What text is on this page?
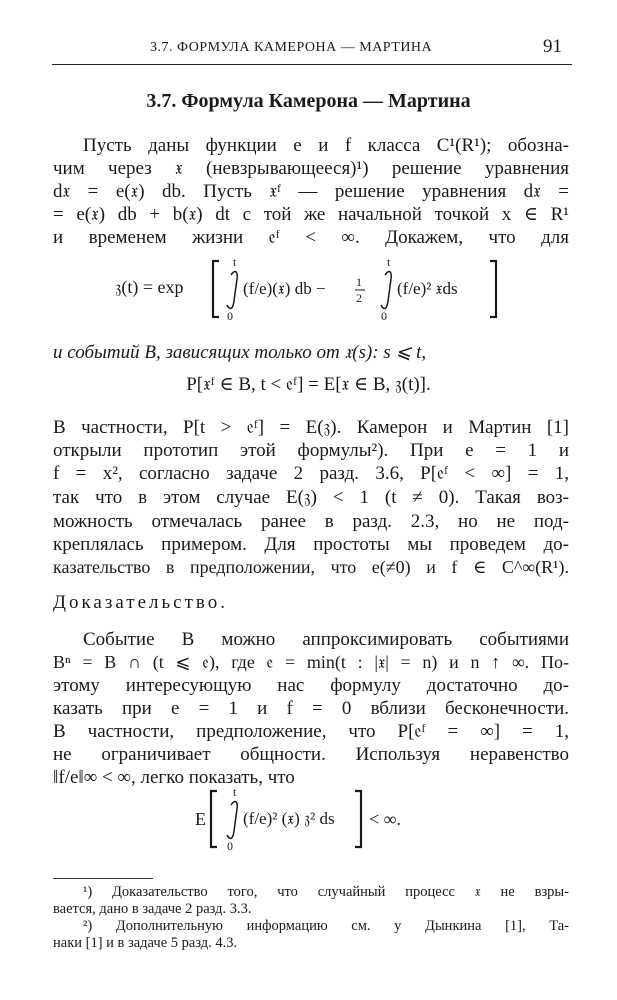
3.7. ФОРМУЛА КАМЕРОНА — МАРТИНА	91
3.7. Формула Камерона — Мартина
Пусть даны функции e и f класса C¹(R¹); обозна-
чим через 𝔵 (невзрывающееся)¹) решение уравнения
d𝔵 = e(𝔵) db. Пусть 𝔵ᶠ — решение уравнения d𝔵 =
= e(𝔵) db + b(𝔵) dt с той же начальной точкой x ∈ R¹
и временем жизни 𝔢ᶠ < ∞. Докажем, что для
𝔷(t) = exp
t
0
(f/e)(𝔵) db −	1
2
t
0
(f/e)² 𝔵ds
и событий B, зависящих только от 𝔵(s): s ⩽ t,
P[𝔵ᶠ ∈ B, t < 𝔢ᶠ] = E[𝔵 ∈ B, 𝔷(t)].
В частности, P[t > 𝔢ᶠ] = E(𝔷). Камерон и Мартин [1]
открыли прототип этой формулы²). При e = 1 и
f = x², согласно задаче 2 разд. 3.6, P[𝔢ᶠ < ∞] = 1,
так что в этом случае E(𝔷) < 1 (t ≠ 0). Такая воз-
можность отмечалась ранее в разд. 2.3, но не под-
креплялась примером. Для простоты мы проведем до-
казательство в предположении, что e(≠0) и f ∈ C^∞(R¹).
Доказательство.
Событие B можно аппроксимировать событиями
Bⁿ = B ∩ (t ⩽ 𝔢), где 𝔢 = min(t : |𝔵| = n) и n ↑ ∞. По-
этому интересующую нас формулу достаточно до-
казать при e = 1 и f = 0 вблизи бесконечности.
В частности, предположение, что P[𝔢ᶠ = ∞] = 1,
не ограничивает общности. Используя неравенство
‖f/e‖∞ < ∞, легко показать, что
E
t
0
(f/e)² (𝔵) 𝔷² ds < ∞.
¹) Доказательство того, что случайный процесс 𝔵 не взры-
вается, дано в задаче 2 разд. 3.3.
²) Дополнительную информацию см. у Дынкина [1], Та-
наки [1] и в задаче 5 разд. 4.3.
